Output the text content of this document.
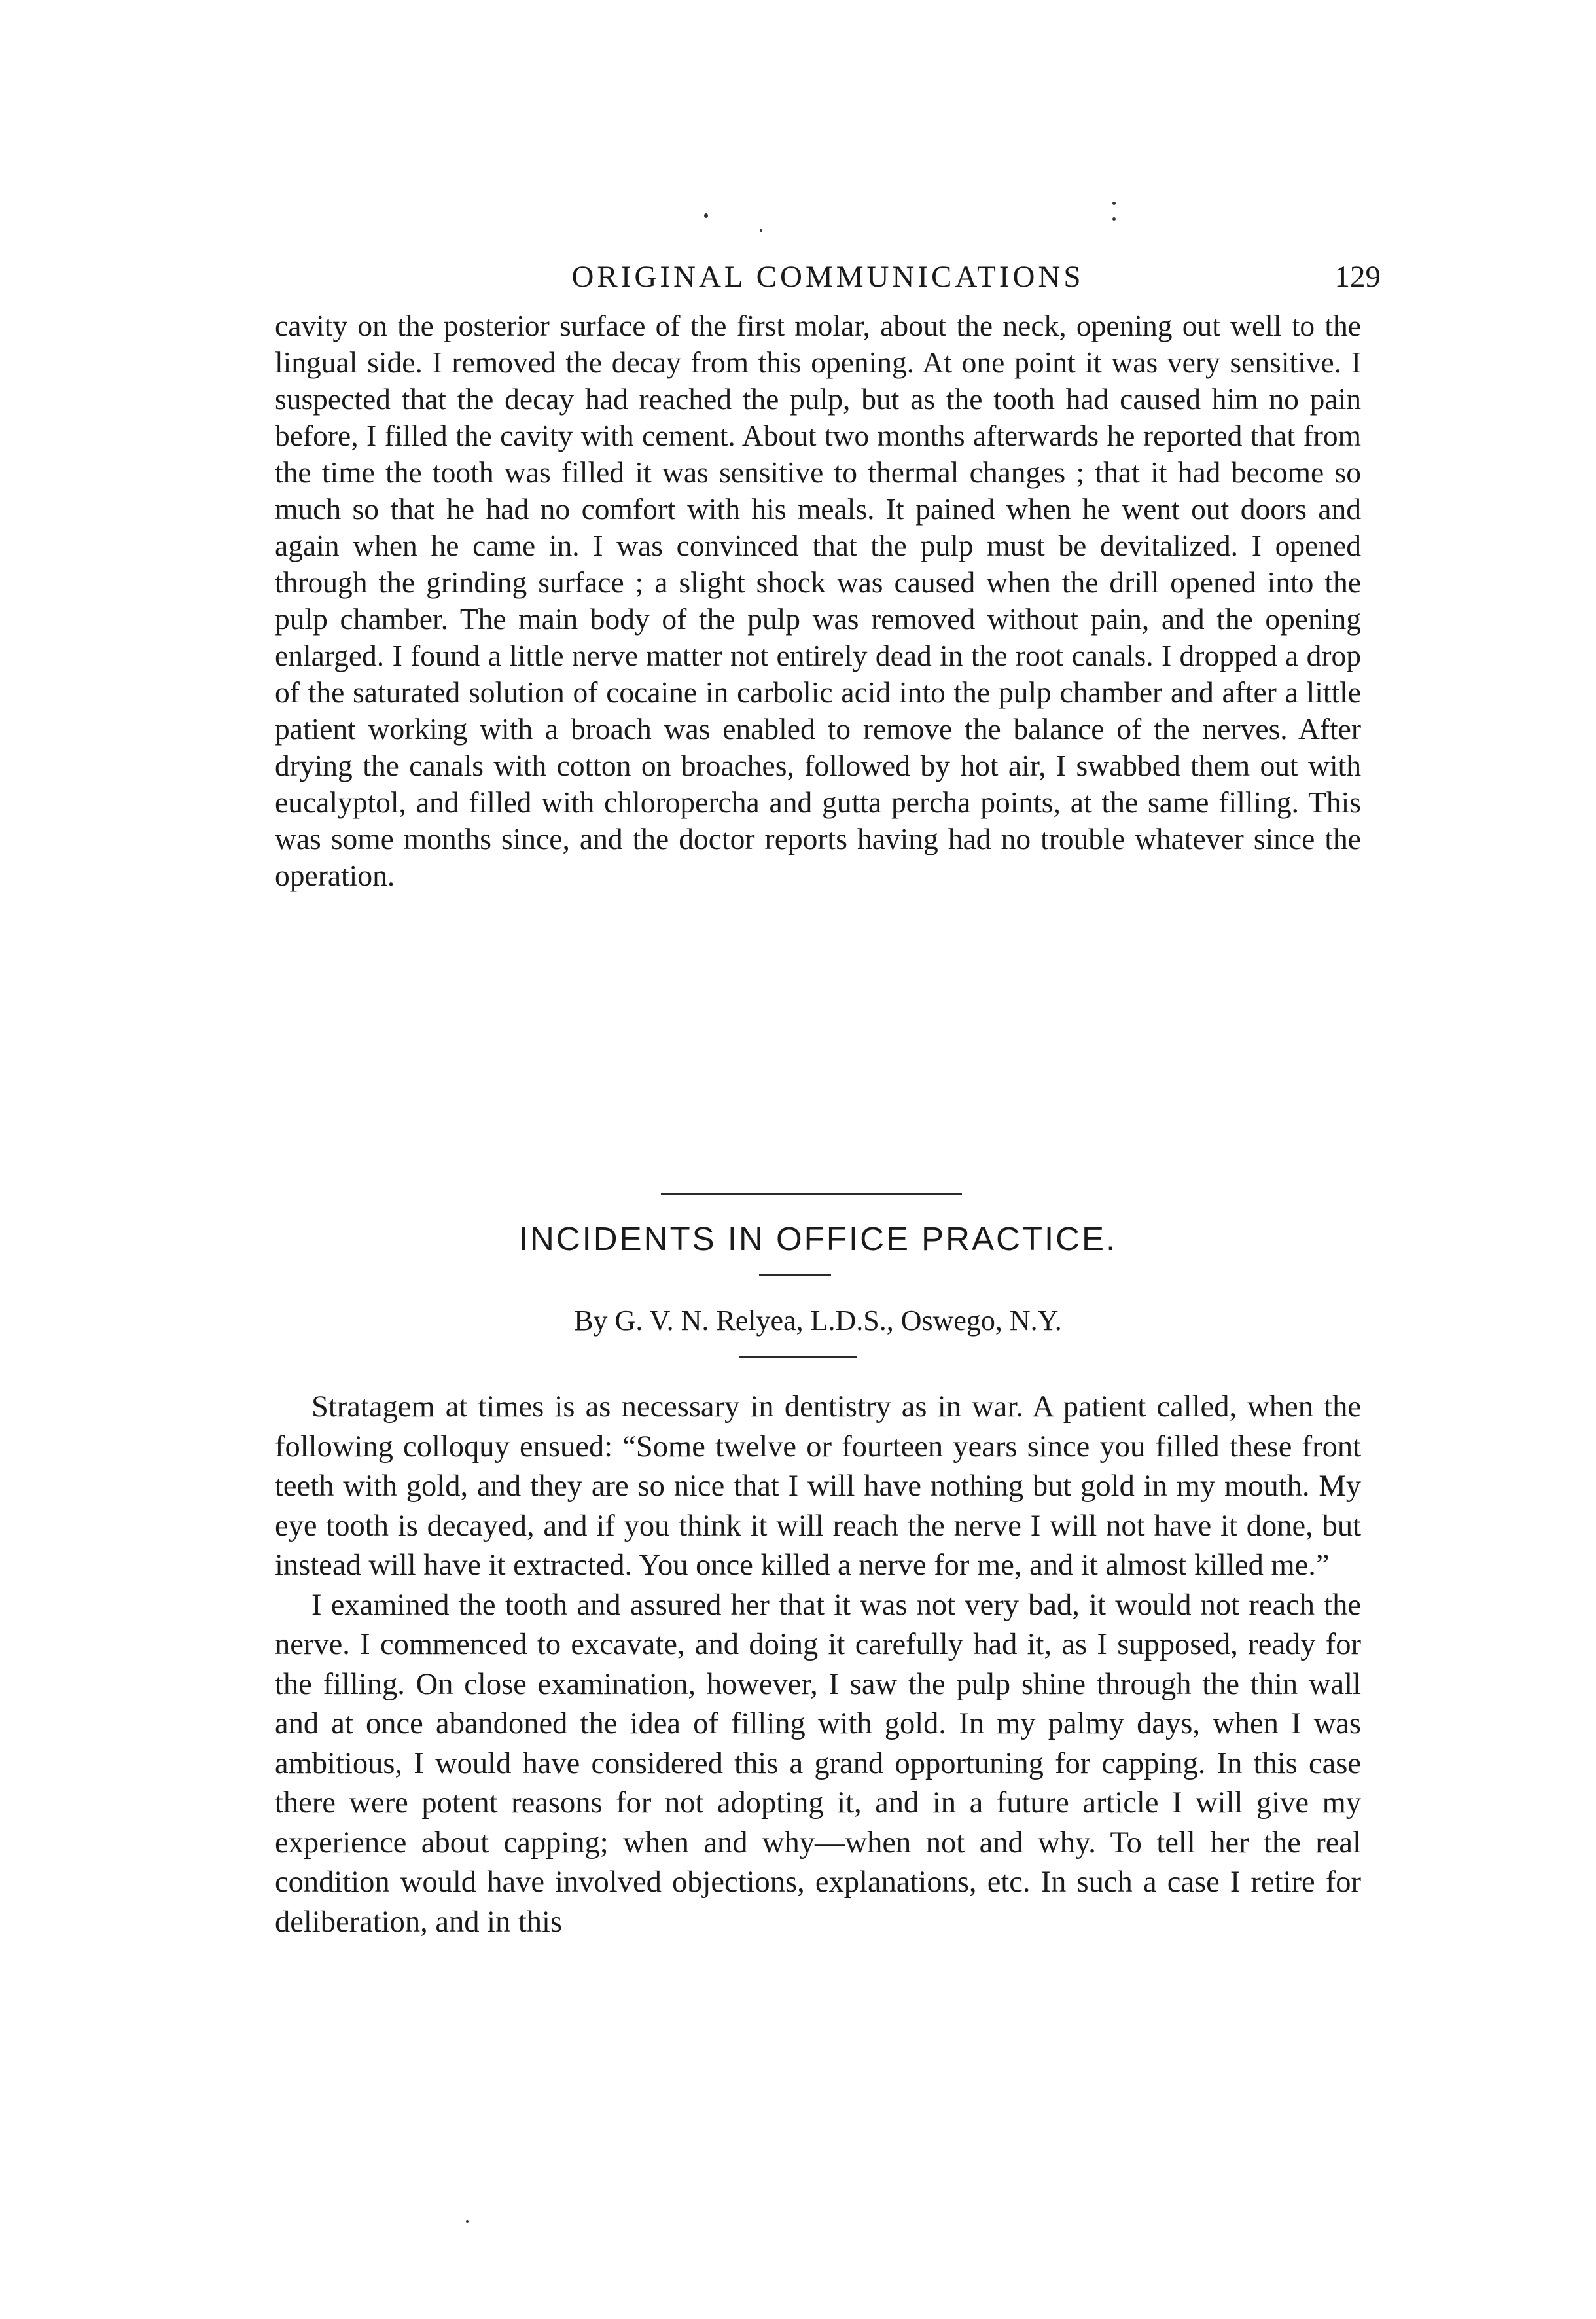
ORIGINAL COMMUNICATIONS	129

cavity on the posterior surface of the first molar, about the neck, opening out well to the lingual side. I removed the decay from this opening. At one point it was very sensitive. I suspected that the decay had reached the pulp, but as the tooth had caused him no pain before, I filled the cavity with cement. About two months afterwards he reported that from the time the tooth was filled it was sensitive to thermal changes ; that it had become so much so that he had no comfort with his meals. It pained when he went out doors and again when he came in. I was convinced that the pulp must be devitalized. I opened through the grinding surface ; a slight shock was caused when the drill opened into the pulp chamber. The main body of the pulp was removed without pain, and the opening enlarged. I found a little nerve matter not entirely dead in the root canals. I dropped a drop of the saturated solution of cocaine in carbolic acid into the pulp chamber and after a little patient working with a broach was enabled to remove the balance of the nerves. After drying the canals with cotton on broaches, followed by hot air, I swabbed them out with eucalyptol, and filled with chloropercha and gutta percha points, at the same filling. This was some months since, and the doctor reports having had no trouble whatever since the operation.

INCIDENTS IN OFFICE PRACTICE.
By G. V. N. Relyea, L.D.S., Oswego, N.Y.

Stratagem at times is as necessary in dentistry as in war. A patient called, when the following colloquy ensued: “Some twelve or fourteen years since you filled these front teeth with gold, and they are so nice that I will have nothing but gold in my mouth. My eye tooth is decayed, and if you think it will reach the nerve I will not have it done, but instead will have it extracted. You once killed a nerve for me, and it almost killed me.”

I examined the tooth and assured her that it was not very bad, it would not reach the nerve. I commenced to excavate, and doing it carefully had it, as I supposed, ready for the filling. On close examination, however, I saw the pulp shine through the thin wall and at once abandoned the idea of filling with gold. In my palmy days, when I was ambitious, I would have considered this a grand opportuning for capping. In this case there were potent reasons for not adopting it, and in a future article I will give my experience about capping; when and why—when not and why. To tell her the real condition would have involved objections, explanations, etc. In such a case I retire for deliberation, and in this
